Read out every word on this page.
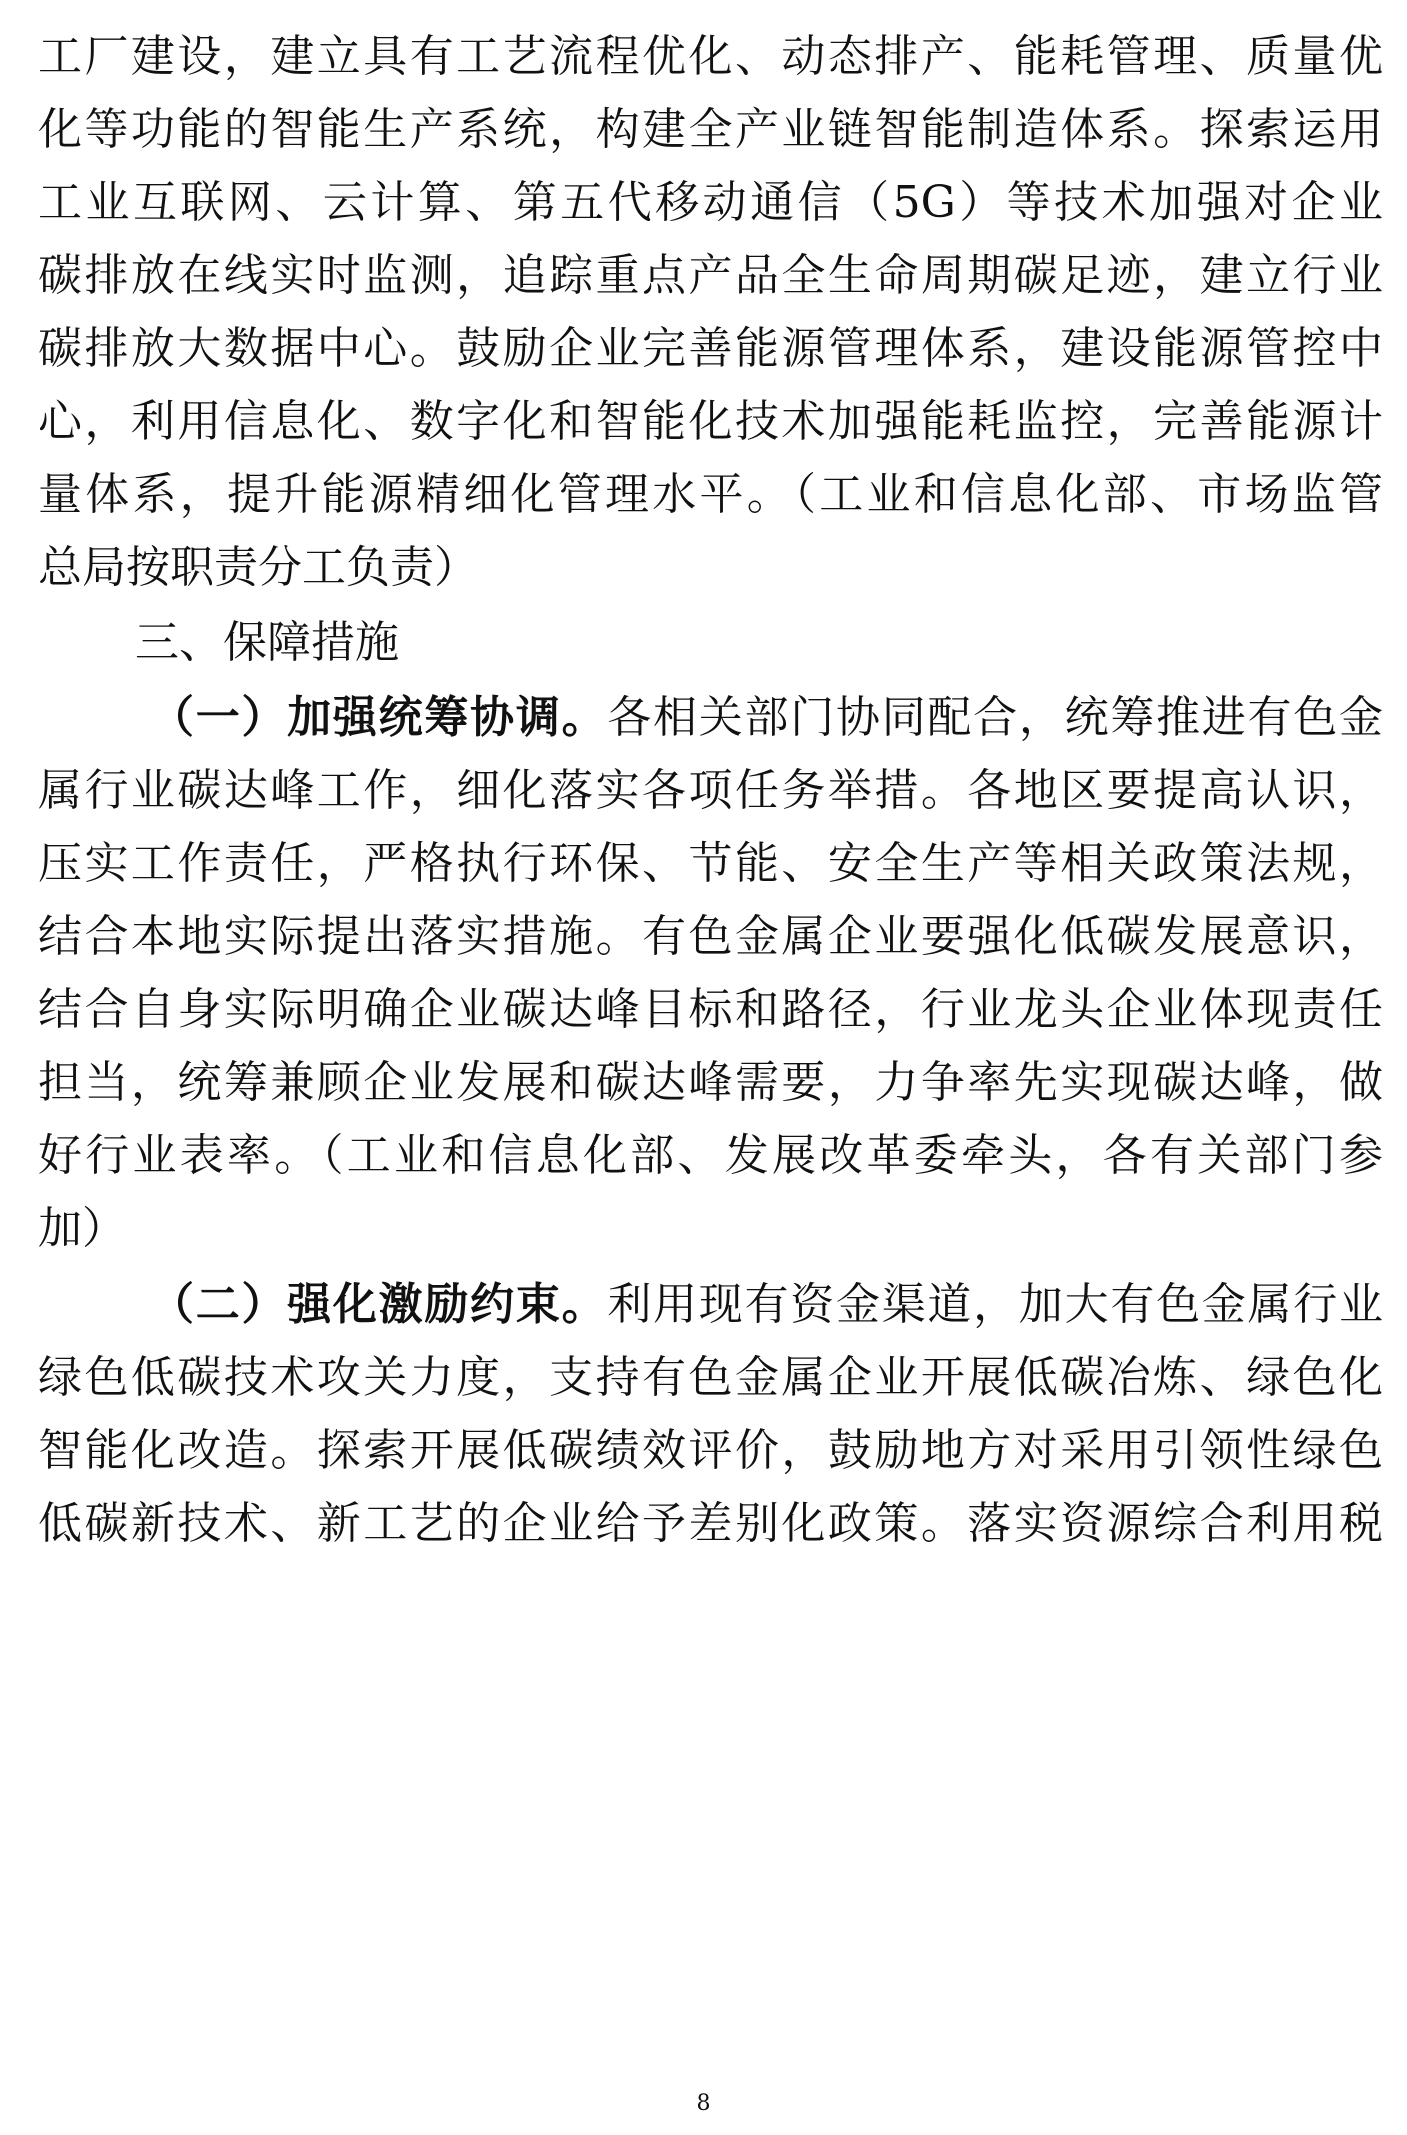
工厂建设，建立具有工艺流程优化、动态排产、能耗管理、质量优
化等功能的智能生产系统，构建全产业链智能制造体系。探索运用
工业互联网、云计算、第五代移动通信（5G）等技术加强对企业
碳排放在线实时监测，追踪重点产品全生命周期碳足迹，建立行业
碳排放大数据中心。鼓励企业完善能源管理体系，建设能源管控中
心，利用信息化、数字化和智能化技术加强能耗监控，完善能源计
量体系，提升能源精细化管理水平。（工业和信息化部、市场监管
总局按职责分工负责）
三、保障措施
（一）加强统筹协调。各相关部门协同配合，统筹推进有色金
属行业碳达峰工作，细化落实各项任务举措。各地区要提高认识，
压实工作责任，严格执行环保、节能、安全生产等相关政策法规，
结合本地实际提出落实措施。有色金属企业要强化低碳发展意识，
结合自身实际明确企业碳达峰目标和路径，行业龙头企业体现责任
担当，统筹兼顾企业发展和碳达峰需要，力争率先实现碳达峰，做
好行业表率。（工业和信息化部、发展改革委牵头，各有关部门参
加）
（二）强化激励约束。利用现有资金渠道，加大有色金属行业
绿色低碳技术攻关力度，支持有色金属企业开展低碳冶炼、绿色化
智能化改造。探索开展低碳绩效评价，鼓励地方对采用引领性绿色
低碳新技术、新工艺的企业给予差别化政策。落实资源综合利用税
8
